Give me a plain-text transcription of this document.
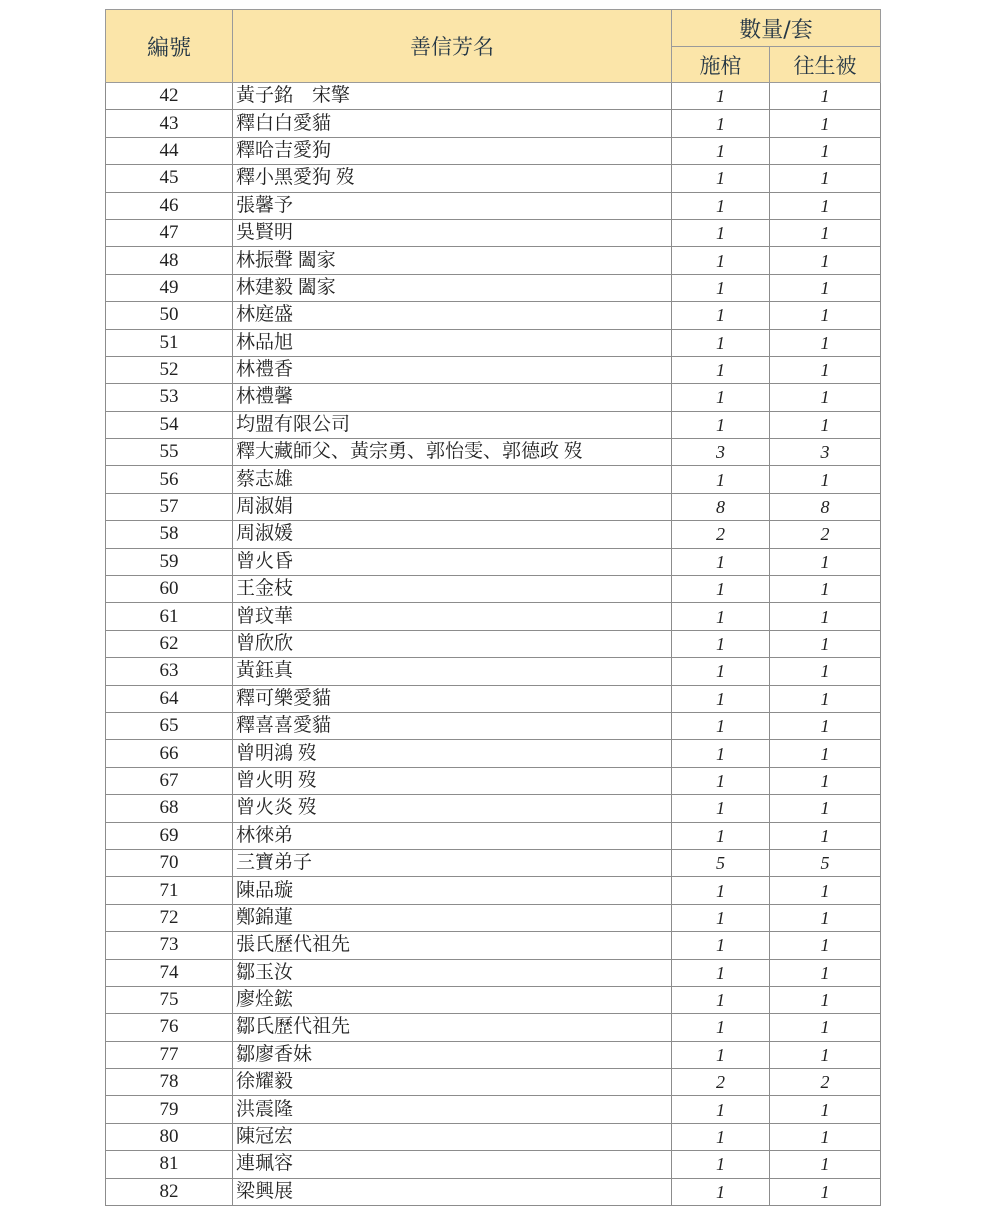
編號	善信芳名	數量/套	
		施棺	往生被
42	黃子銘　宋擎	1	1
43	釋白白愛貓	1	1
44	釋哈吉愛狗	1	1
45	釋小黑愛狗 歿	1	1
46	張馨予	1	1
47	吳賢明	1	1
48	林振聲 闔家	1	1
49	林建毅 闔家	1	1
50	林庭盛	1	1
51	林品旭	1	1
52	林禮香	1	1
53	林禮馨	1	1
54	均盟有限公司	1	1
55	釋大藏師父、黃宗勇、郭怡雯、郭德政 歿	3	3
56	蔡志雄	1	1
57	周淑娟	8	8
58	周淑媛	2	2
59	曾火昏	1	1
60	王金枝	1	1
61	曾玟華	1	1
62	曾欣欣	1	1
63	黃鈺真	1	1
64	釋可樂愛貓	1	1
65	釋喜喜愛貓	1	1
66	曾明鴻 歿	1	1
67	曾火明 歿	1	1
68	曾火炎 歿	1	1
69	林徠弟	1	1
70	三寶弟子	5	5
71	陳品璇	1	1
72	鄭錦蓮	1	1
73	張氏歷代祖先	1	1
74	鄒玉汝	1	1
75	廖烇鋐	1	1
76	鄒氏歷代祖先	1	1
77	鄒廖香妹	1	1
78	徐耀毅	2	2
79	洪震隆	1	1
80	陳冠宏	1	1
81	連珮容	1	1
82	梁興展	1	1
